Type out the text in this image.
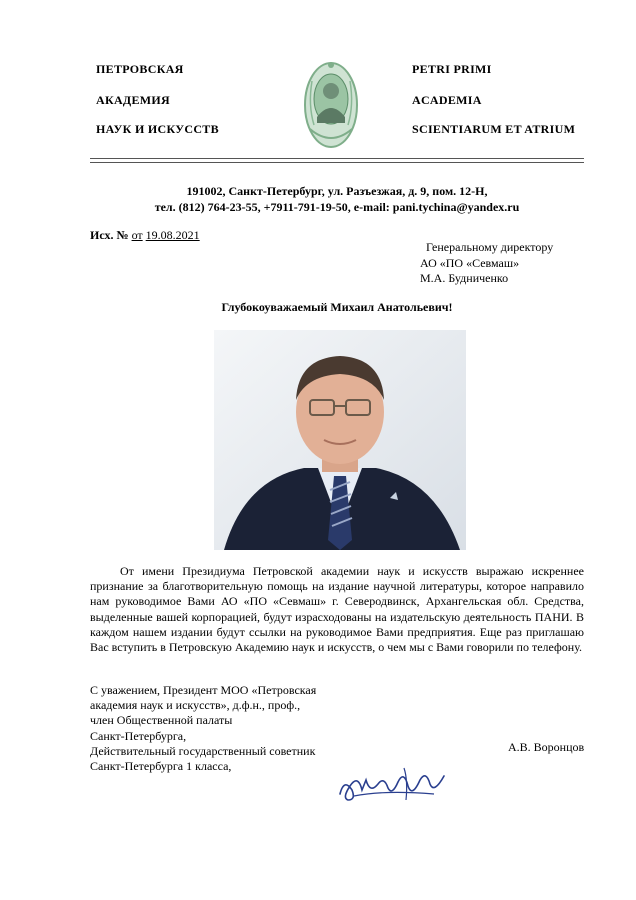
ПЕТРОВСКАЯ
АКАДЕМИЯ
НАУК И ИСКУССТВ
PETRI PRIMI
ACADEMIA
SCIENTIARUM ET ATRIUM
191002, Санкт-Петербург, ул. Разъезжая, д. 9, пом. 12-Н,
тел. (812) 764-23-55, +7911-791-19-50, e-mail: pani.tychina@yandex.ru
Исх. № от 19.08.2021
Генеральному директору
АО «ПО «Севмаш»
М.А. Будниченко
Глубокоуважаемый Михаил Анатольевич!
От имени Президиума Петровской академии наук и искусств выражаю искреннее признание за благотворительную помощь на издание научной литературы, которое направило нам руководимое Вами АО «ПО «Севмаш» г. Северодвинск, Архангельская обл. Средства, выделенные вашей корпорацией, будут израсходованы на издательскую деятельность ПАНИ. В каждом нашем издании будут ссылки на руководимое Вами предприятия. Еще раз приглашаю Вас вступить в Петровскую Академию наук и искусств, о чем мы с Вами говорили по телефону.
С уважением, Президент МОО «Петровская
академия наук и искусств», д.ф.н., проф.,
член Общественной палаты
Санкт-Петербурга,
Действительный государственный советник
Санкт-Петербурга 1 класса,
А.В. Воронцов
